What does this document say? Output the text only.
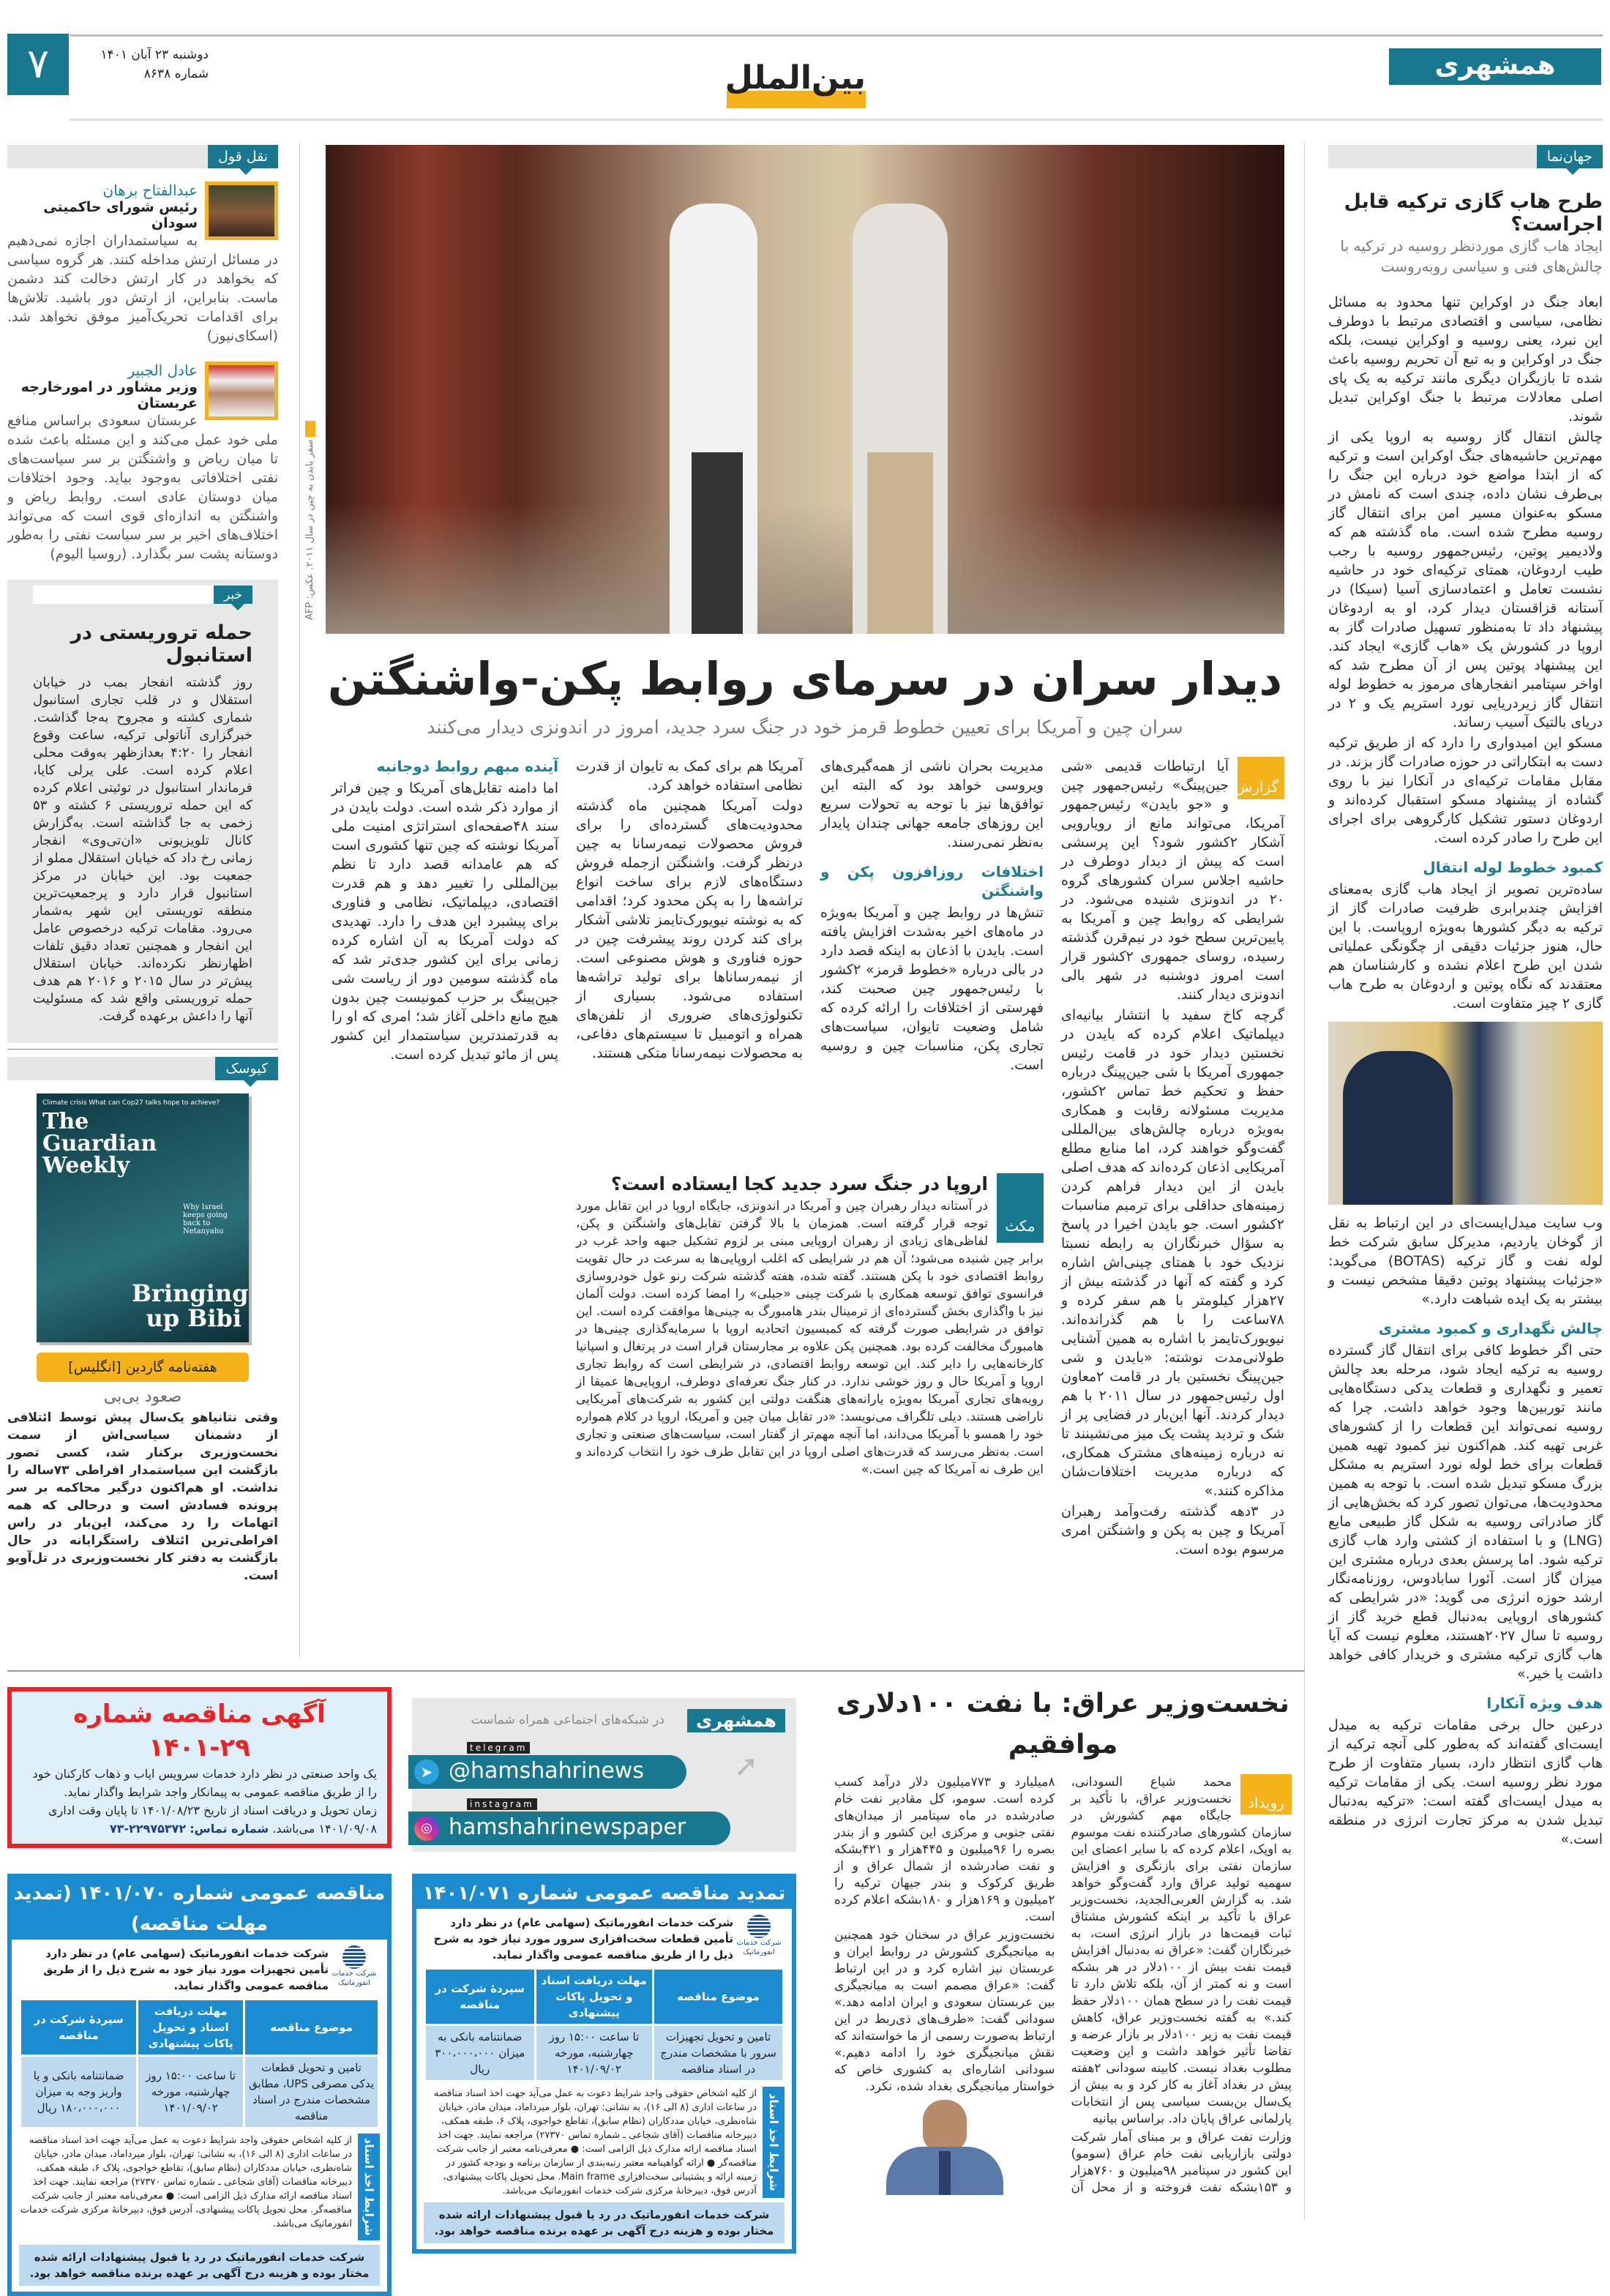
همشهری
بین‌الملل
۷	دوشنبه ۲۳ آبان ۱۴۰۱
شماره ۸۶۳۸
نقل قول
عبدالفتاح برهان
رئیس شورای حاکمیتی سودان
به سیاستمداران اجازه نمی‌دهیم در مسائل ارتش مداخله کنند. هر گروه سیاسی که بخواهد در کار ارتش دخالت کند دشمن ماست. بنابراین، از ارتش دور باشید. تلاش‌ها برای اقدامات تحریک‌آمیز موفق نخواهد شد. (اسکای‌نیوز)
عادل الجبیر
وزیر مشاور در امورخارجه عربستان
عربستان سعودی براساس منافع ملی خود عمل می‌کند و این مسئله باعث شده تا میان ریاض و واشنگتن بر سر سیاست‌های نفتی اختلافاتی به‌وجود بیاید. وجود اختلافات میان دوستان عادی است. روابط ریاض و واشنگتن به اندازه‌ای قوی است که می‌تواند اختلاف‌های اخیر بر سر سیاست نفتی را به‌طور دوستانه پشت سر بگذارد. (روسیا الیوم)
خبر
حمله تروریستی در استانبول
روز گذشته انفجار بمب در خیابان استقلال و در قلب تجاری استانبول شماری کشته و مجروح به‌جا گذاشت. خبرگزاری آناتولی ترکیه، ساعت وقوع انفجار را ۴:۲۰ بعدازظهر به‌وقت محلی اعلام کرده است. علی یرلی کایا، فرماندار استانبول در توئیتی اعلام کرده که این حمله تروریستی ۶ کشته و ۵۳ زخمی به جا گذاشته است. به‌گزارش کانال تلویزیونی «ان‌تی‌وی» انفجار زمانی رخ داد که خیابان استقلال مملو از جمعیت بود. این خیابان در مرکز استانبول قرار دارد و پرجمعیت‌ترین منطقه توریستی این شهر به‌شمار می‌رود. مقامات ترکیه درخصوص عامل این انفجار و همچنین تعداد دقیق تلفات اظهارنظر نکرده‌اند. خیابان استقلال پیش‌تر در سال ۲۰۱۵ و ۲۰۱۶ هم هدف حمله تروریستی واقع شد که مسئولیت آنها را داعش برعهده گرفت.
کیوسک
Climate crisis What can Cop27 talks hope to achieve?
The Guardian Weekly
Why Israel keeps going back to Netanyahu
Bringing up Bibi
هفته‌نامه گاردین [انگلیس]
صعود بی‌بی
وقتی نتانیاهو یک‌سال پیش توسط ائتلافی از دشمنان سیاسی‌اش از سمت نخست‌وزیری برکنار شد، کسی تصور بازگشت این سیاستمدار افراطی ۷۳ساله را نداشت. او هم‌اکنون درگیر محاکمه بر سر پرونده فسادش است و درحالی که همه اتهامات را رد می‌کند، این‌بار در راس افراطی‌ترین ائتلاف راستگرایانه در حال بازگشت به دفتر کار نخست‌وزیری در تل‌آویو است.
سفر بایدن به چین در سال ۲۰۱۱. عکس: AFP
دیدار سران در سرمای روابط پکن-واشنگتن
سران چین و آمریکا برای تعیین خطوط قرمز خود در جنگ سرد جدید، امروز در اندونزی دیدار می‌کنند
گزارش

آیا ارتباطات قدیمی «شی جین‌پینگ» رئیس‌جمهور چین و «جو بایدن» رئیس‌جمهور آمریکا، می‌تواند مانع از رویارویی آشکار ۲کشور شود؟ این پرسشی است که پیش از دیدار دوطرف در حاشیه اجلاس سران کشورهای گروه ۲۰ در اندونزی شنیده می‌شود. در شرایطی که روابط چین و آمریکا به پایین‌ترین سطح خود در نیم‌قرن گذشته رسیده، روسای جمهوری ۲کشور قرار است امروز دوشنبه در شهر بالی اندونزی دیدار کنند.

گرچه کاخ سفید با انتشار بیانیه‌ای دیپلماتیک اعلام کرده که بایدن در نخستین دیدار خود در قامت رئیس جمهوری آمریکا با شی جین‌پینگ درباره حفظ و تحکیم خط تماس ۲کشور، مدیریت مسئولانه رقابت و همکاری به‌ویژه درباره چالش‌های بین‌المللی گفت‌وگو خواهند کرد، اما منابع مطلع آمریکایی اذعان کرده‌اند که هدف اصلی بایدن از این دیدار فراهم کردن زمینه‌های حداقلی برای ترمیم مناسبات ۲کشور است. جو بایدن اخیرا در پاسخ به سؤال خبرنگاران به رابطه نسبتا نزدیک خود با همتای چینی‌اش اشاره کرد و گفته که آنها در گذشته بیش از ۲۷هزار کیلومتر با هم سفر کرده و ۷۸ساعت را با هم گذرانده‌اند. نیویورک‌تایمز با اشاره به همین آشنایی طولانی‌مدت نوشته: «بایدن و شی جین‌پینگ نخستین بار در قامت ۲معاون اول رئیس‌جمهور در سال ۲۰۱۱ با هم دیدار کردند. آنها این‌بار در فضایی پر از شک و تردید پشت یک میز می‌نشینند تا نه درباره زمینه‌های مشترک همکاری، که درباره مدیریت اختلافات‌شان مذاکره کنند.»

در ۳دهه گذشته رفت‌وآمد رهبران آمریکا و چین به پکن و واشنگتن امری مرسوم بوده است.

مدیریت بحران ناشی از همه‌گیری‌های ویروسی خواهد بود که البته این توافق‌ها نیز با توجه به تحولات سریع این روزهای جامعه جهانی چندان پایدار به‌نظر نمی‌رسند.

اختلافات روزافزون پکن و واشنگتن

تنش‌ها در روابط چین و آمریکا به‌ویژه در ماه‌های اخیر به‌شدت افزایش یافته است. بایدن با اذعان به اینکه قصد دارد در بالی درباره «خطوط قرمز» ۲کشور با رئیس‌جمهور چین صحبت کند، فهرستی از اختلافات را ارائه کرده که شامل وضعیت تایوان، سیاست‌های تجاری پکن، مناسبات چین و روسیه است.

آمریکا هم برای کمک به تایوان از قدرت نظامی استفاده خواهد کرد.

دولت آمریکا همچنین ماه گذشته محدودیت‌های گسترده‌ای را برای فروش محصولات نیمه‌رسانا به چین درنظر گرفت. واشنگتن ازجمله فروش دستگاه‌های لازم برای ساخت انواع تراشه‌ها را به پکن محدود کرد؛ اقدامی که به نوشته نیویورک‌تایمز تلاشی آشکار برای کند کردن روند پیشرفت چین در حوزه فناوری و هوش مصنوعی است. از نیمه‌رساناها برای تولید تراشه‌ها استفاده می‌شود. بسیاری از تکنولوژی‌های ضروری از تلفن‌های همراه و اتومبیل تا سیستم‌های دفاعی، به محصولات نیمه‌رسانا متکی هستند.

آینده مبهم روابط دوجانبه

اما دامنه تقابل‌های آمریکا و چین فراتر از موارد ذکر شده است. دولت بایدن در سند ۴۸صفحه‌ای استراتژی امنیت ملی آمریکا نوشته که چین تنها کشوری است که هم عامدانه قصد دارد تا نظم بین‌المللی را تغییر دهد و هم قدرت اقتصادی، دیپلماتیک، نظامی و فناوری برای پیشبرد این هدف را دارد. تهدیدی که دولت آمریکا به آن اشاره کرده زمانی برای این کشور جدی‌تر شد که ماه گذشته سومین دور از ریاست شی جین‌پینگ بر حزب کمونیست چین بدون هیچ مانع داخلی آغاز شد؛ امری که او را به قدرتمندترین سیاستمدار این کشور پس از مائو تبدیل کرده است.

مکث
اروپا در جنگ سرد جدید کجا ایستاده است؟
در آستانه دیدار رهبران چین و آمریکا در اندونزی، جایگاه اروپا در این تقابل مورد توجه قرار گرفته است. همزمان با بالا گرفتن تقابل‌های واشنگتن و پکن، لفاظی‌های زیادی از رهبران اروپایی مبنی بر لزوم تشکیل جبهه واحد غرب در برابر چین شنیده می‌شود؛ آن هم در شرایطی که اغلب اروپایی‌ها به سرعت در حال تقویت روابط اقتصادی خود با پکن هستند. گفته شده، هفته گذشته شرکت رنو غول خودروسازی فرانسوی توافق توسعه همکاری با شرکت چینی «جیلی» را امضا کرده است. دولت آلمان نیز با واگذاری بخش گسترده‌ای از ترمینال بندر هامبورگ به چینی‌ها موافقت کرده است. این توافق در شرایطی صورت گرفته که کمیسیون اتحادیه اروپا با سرمایه‌گذاری چینی‌ها در هامبورگ مخالفت کرده بود. همچنین پکن علاوه بر مجارستان قرار است در پرتغال و اسپانیا کارخانه‌هایی را دایر کند. این توسعه روابط اقتصادی، در شرایطی است که روابط تجاری اروپا و آمریکا حال و روز خوشی ندارد. در کنار جنگ تعرفه‌ای دوطرف، اروپایی‌ها عمیقا از رویه‌های تجاری آمریکا به‌ویژه یارانه‌های هنگفت دولتی این کشور به شرکت‌های آمریکایی ناراضی هستند. دیلی تلگراف می‌نویسد: «در تقابل میان چین و آمریکا، اروپا در کلام همواره خود را همسو با آمریکا می‌داند، اما آنچه مهم‌تر از گفتار است، سیاست‌های صنعتی و تجاری است. به‌نظر می‌رسد که قدرت‌های اصلی اروپا در این تقابل طرف خود را انتخاب کرده‌اند و این طرف نه آمریکا که چین است.»
جهان‌نما
طرح هاب گازی ترکیه قابل اجراست؟
ایجاد هاب گازی موردنظر روسیه در ترکیه با چالش‌های فنی و سیاسی روبه‌روست

ابعاد جنگ در اوکراین تنها محدود به مسائل نظامی، سیاسی و اقتصادی مرتبط با دوطرف این نبرد، یعنی روسیه و اوکراین نیست، بلکه جنگ در اوکراین و به تبع آن تحریم روسیه باعث شده تا بازیگران دیگری مانند ترکیه به یک پای اصلی معادلات مرتبط با جنگ اوکراین تبدیل شوند.

چالش انتقال گاز روسیه به اروپا یکی از مهم‌ترین حاشیه‌های جنگ اوکراین است و ترکیه که از ابتدا مواضع خود درباره این جنگ را بی‌طرف نشان داده، چندی است که نامش در مسکو به‌عنوان مسیر امن برای انتقال گاز روسیه مطرح شده است. ماه گذشته هم که ولادیمیر پوتین، رئیس‌جمهور روسیه با رجب طیب اردوغان، همتای ترکیه‌ای خود در حاشیه نشست تعامل و اعتمادسازی آسیا (سیکا) در آستانه قزاقستان دیدار کرد، او به اردوغان پیشنهاد داد تا به‌منظور تسهیل صادرات گاز به اروپا در کشورش یک «هاب گازی» ایجاد کند. این پیشنهاد پوتین پس از آن مطرح شد که اواخر سپتامبر انفجارهای مرموز به خطوط لوله انتقال گاز زیردریایی نورد استریم یک و ۲ در دریای بالتیک آسیب رساند.

مسکو این امیدواری را دارد که از طریق ترکیه دست به ابتکاراتی در حوزه صادرات گاز بزند. در مقابل مقامات ترکیه‌ای در آنکارا نیز با روی گشاده از پیشنهاد مسکو استقبال کرده‌اند و اردوغان دستور تشکیل کارگروهی برای اجرای این طرح را صادر کرده است.

کمبود خطوط لوله انتقال

ساده‌ترین تصویر از ایجاد هاب گازی به‌معنای افزایش چندبرابری ظرفیت صادرات گاز از ترکیه به دیگر کشورها به‌ویژه اروپاست. با این حال، هنوز جزئیات دقیقی از چگونگی عملیاتی شدن این طرح اعلام نشده و کارشناسان هم معتقدند که نگاه پوتین و اردوغان به طرح هاب گازی ۲ چیز متفاوت است.

وب سایت میدل‌ایست‌ای در این ارتباط به نقل از گوخان یاردیم، مدیرکل سابق شرکت خط لوله نفت و گاز ترکیه (BOTAS) می‌گوید: «جزئیات پیشنهاد پوتین دقیقا مشخص نیست و بیشتر به یک ایده شباهت دارد.»

چالش نگهداری و کمبود مشتری

حتی اگر خطوط کافی برای انتقال گاز گسترده روسیه به ترکیه ایجاد شود، مرحله بعد چالش تعمیر و نگهداری و قطعات یدکی دستگاه‌هایی مانند توربین‌ها وجود خواهد داشت. چرا که روسیه نمی‌تواند این قطعات را از کشورهای غربی تهیه کند. هم‌اکنون نیز کمبود تهیه همین قطعات برای خط لوله نورد استریم به مشکل بزرگ مسکو تبدیل شده است. با توجه به همین محدودیت‌ها، می‌توان تصور کرد که بخش‌هایی از گاز صادراتی روسیه به شکل گاز طبیعی مایع (LNG) و با استفاده از کشتی وارد هاب گازی ترکیه شود. اما پرسش بعدی درباره مشتری این میزان گاز است. آئورا سابادوس، روزنامه‌نگار ارشد حوزه انرژی می گوید: «در شرایطی که کشورهای اروپایی به‌دنبال قطع خرید گاز از روسیه تا سال ۲۰۲۷هستند، معلوم نیست که آیا هاب گازی ترکیه مشتری و خریدار کافی خواهد داشت یا خیر.»

هدف ویژه آنکارا

درعین حال برخی مقامات ترکیه به میدل ایست‌ای گفته‌اند که به‌طور کلی آنچه ترکیه از هاب گازی انتظار دارد، بسیار متفاوت از طرح مورد نظر روسیه است. یکی از مقامات ترکیه به میدل ایست‌ای گفته است: «ترکیه به‌دنبال تبدیل شدن به مرکز تجارت انرژی در منطقه است.»

نخست‌وزیر عراق: با نفت ۱۰۰دلاری موافقیم
رویداد

محمد شیاع السودانی، نخست‌وزیر عراق، با تأکید بر جایگاه مهم کشورش در سازمان کشورهای صادرکننده نفت موسوم به اوپک، اعلام کرده که با سایر اعضای این سازمان نفتی برای بازنگری و افزایش سهمیه تولید عراق وارد گفت‌وگو خواهد شد. به گزارش العربی‌الجدید، نخست‌وزیر عراق با تأکید بر اینکه کشورش مشتاق ثبات قیمت‌ها در بازار انرژی است، به خبرنگاران گفت: «عراق نه به‌دنبال افزایش قیمت نفت بیش از ۱۰۰دلار در هر بشکه است و نه کمتر از آن، بلکه تلاش دارد تا قیمت نفت را در سطح همان ۱۰۰دلار حفظ کند.» به گفته نخست‌وزیر عراق، کاهش قیمت نفت به زیر ۱۰۰دلار بر بازار عرضه و تقاضا تأثیر خواهد داشت و این وضعیت مطلوب بغداد نیست. کابینه سودانی ۲هفته پیش در بغداد آغاز به کار کرد و به بیش از یک‌سال بن‌بست سیاسی پس از انتخابات پارلمانی عراق پایان داد. براساس بیانیه

وزارت نفت عراق و بر مبنای آمار شرکت دولتی بازاریابی نفت خام عراق (سومو) این کشور در سپتامبر ۹۸میلیون و ۷۶۰هزار و ۱۵۳بشکه نفت فروخته و از محل آن ۸میلیارد و ۷۷۳میلیون دلار درآمد کسب کرده است. سومو، کل مقادیر نفت خام صادرشده در ماه سپتامبر از میدان‌های نفتی جنوبی و مرکزی این کشور و از بندر بصره را ۹۶میلیون و ۴۴۵هزار و ۴۲۱بشکه و نفت صادرشده از شمال عراق و از طریق کرکوک و بندر جیهان ترکیه را ۲میلیون و ۱۶۹هزار و ۱۸۰بشکه اعلام کرده است.

نخست‌وزیر عراق در سخنان خود همچنین به میانجیگری کشورش در روابط ایران و عربستان نیز اشاره کرد و در این ارتباط گفت: «عراق مصمم است به میانجیگری بین عربستان سعودی و ایران ادامه دهد.» سودانی گفت: «طرف‌های ذی‌ربط در این ارتباط به‌صورت رسمی از ما خواسته‌اند که نقش میانجیگری خود را ادامه دهیم.» سودانی اشاره‌ای به کشوری خاص که خواستار میانجیگری بغداد شده، نکرد.

آگهی مناقصه شماره ۲۹-۱۴۰۱
یک واحد صنعتی در نظر دارد خدمات سرویس ایاب و ذهاب کارکنان خود را از طریق مناقصه عمومی به پیمانکار واجد شرایط واگذار نماید.
زمان تحویل و دریافت اسناد از تاریخ ۱۴۰۱/۰۸/۲۳ تا پایان وقت اداری ۱۴۰۱/۰۹/۰۸ می‌باشد. شماره تماس: ۲۲۹۷۵۳۷۲-۷۳
همشهری
در شبکه‌های اجتماعی همراه شماست
➤ @hamshahrinews
telegram
◎ hamshahrinewspaper
instagram
➚
مناقصه عمومی شماره ۱۴۰۱/۰۷۰ (تمدید مهلت مناقصه)
شرکت خدمات انفورماتیک
شرکت خدمات انفورماتیک (سهامی عام) در نظر دارد تأمین تجهیزات مورد نیاز خود به شرح ذیل را از طریق مناقصه عمومی واگذار نماید.
موضوع مناقصه	مهلت دریافت اسناد و تحویل پاکات پیشنهادی	سپردهٔ شرکت در مناقصه
تامین و تحویل قطعات یدکی مصرفی UPS، مطابق مشخصات مندرج در اسناد مناقصه	تا ساعت ۱۵:۰۰ روز چهارشنبه، مورخه ۱۴۰۱/۰۹/۰۲	ضمانتنامه بانکی و یا واریز وجه به میزان ۱۸۰،۰۰۰،۰۰۰ ریال
شرایط اخذ اسناد
از کلیه اشخاص حقوقی واجد شرایط دعوت به عمل می‌آید جهت اخذ اسناد مناقصه در ساعات اداری (۸ الی ۱۶)، به نشانی: تهران، بلوار میرداماد، میدان مادر، خیابان شاه‌نظری، خیابان مددکاران (نظام سابق)، تقاطع خواجوی، پلاک ۶، طبقه همکف، دبیرخانه مناقصات (آقای شجاعی ـ شماره تماس ۲۷۳۷۰) مراجعه نمایند. جهت اخذ اسناد مناقصه ارائه مدارک ذیل الزامی است: ● معرفی‌نامه معتبر از جانب شرکت مناقصه‌گر. محل تحویل پاکات پیشنهادی، آدرس فوق، دبیرخانهٔ مرکزی شرکت خدمات انفورماتیک می‌باشد.
شرکت خدمات انفورماتیک در رد یا قبول پیشنهادات ارائه شده مختار بوده و هزینه درج آگهی بر عهده برنده مناقصه خواهد بود.
تمدید مناقصه عمومی شماره ۱۴۰۱/۰۷۱
شرکت خدمات انفورماتیک
شرکت خدمات انفورماتیک (سهامی عام) در نظر دارد تأمین قطعات سخت‌افزاری سرور مورد نیاز خود به شرح ذیل را از طریق مناقصه عمومی واگذار نماید.
موضوع مناقصه	مهلت دریافت اسناد و تحویل پاکات پیشنهادی	سپردهٔ شرکت در مناقصه
تامین و تحویل تجهیزات سرور با مشخصات مندرج در اسناد مناقصه	تا ساعت ۱۵:۰۰ روز چهارشنبه، مورخه ۱۴۰۱/۰۹/۰۲	ضمانتنامه بانکی به میزان ۳۰۰،۰۰۰،۰۰۰ ریال
شرایط اخذ اسناد
از کلیه اشخاص حقوقی واجد شرایط دعوت به عمل می‌آید جهت اخذ اسناد مناقصه در ساعات اداری (۸ الی ۱۶)، به نشانی: تهران، بلوار میرداماد، میدان مادر، خیابان شاه‌نظری، خیابان مددکاران (نظام سابق)، تقاطع خواجوی، پلاک ۶، طبقه همکف، دبیرخانه مناقصات (آقای شجاعی ـ شماره تماس ۲۷۳۷۰) مراجعه نمایند. جهت اخذ اسناد مناقصه ارائه مدارک ذیل الزامی است: ● معرفی‌نامه معتبر از جانب شرکت مناقصه‌گر ● ارائه گواهینامه معتبر رتبه‌بندی از سازمان برنامه و بودجه کشور در زمینه ارائه و پشتیبانی سخت‌افزاری Main frame. محل تحویل پاکات پیشنهادی، آدرس فوق، دبیرخانهٔ مرکزی شرکت خدمات انفورماتیک می‌باشد.
شرکت خدمات انفورماتیک در رد یا قبول پیشنهادات ارائه شده مختار بوده و هزینه درج آگهی بر عهده برنده مناقصه خواهد بود.
